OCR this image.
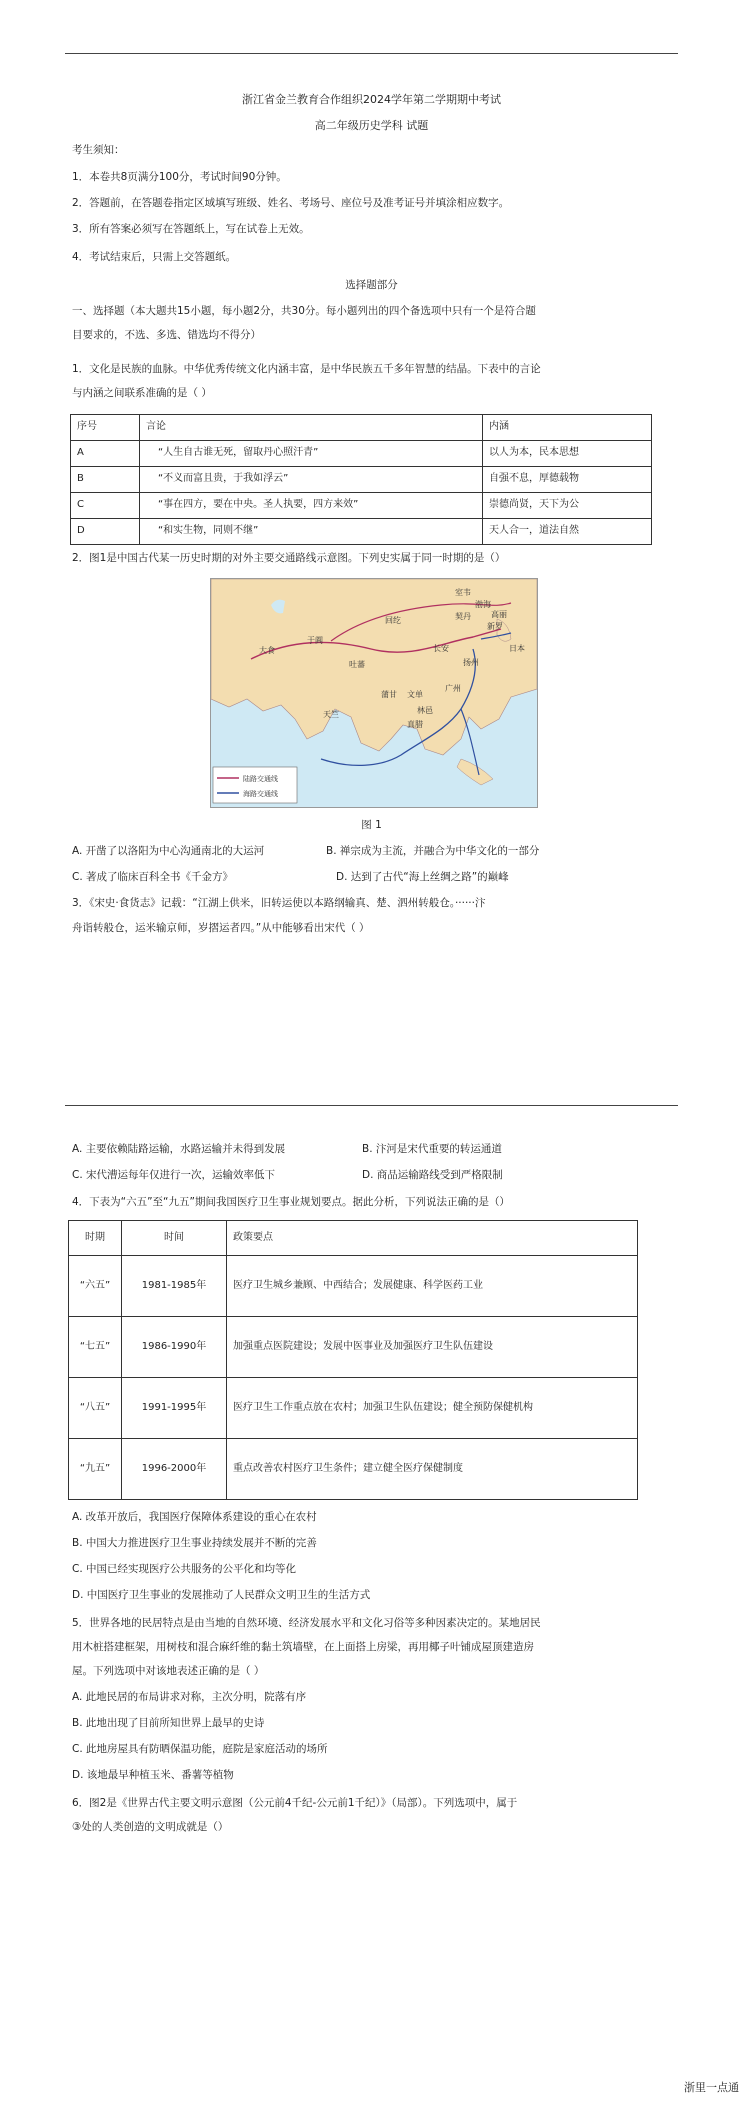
浙江省金兰教育合作组织2024学年第二学期期中考试
高二年级历史学科 试题
考生须知：
1．本卷共8页满分100分，考试时间90分钟。
2．答题前，在答题卷指定区域填写班级、姓名、考场号、座位号及准考证号并填涂相应数字。
3．所有答案必须写在答题纸上，写在试卷上无效。
4．考试结束后，只需上交答题纸。
选择题部分
一、选择题（本大题共15小题，每小题2分，共30分。每小题列出的四个备选项中只有一个是符合题
目要求的，不选、多选、错选均不得分）
1．文化是民族的血脉。中华优秀传统文化内涵丰富，是中华民族五千多年智慧的结晶。下表中的言论
与内涵之间联系准确的是（ ）
序号	言论	内涵
A	“人生自古谁无死，留取丹心照汗青”	以人为本，民本思想
B	“不义而富且贵，于我如浮云”	自强不息，厚德载物
C	“事在四方，要在中央。圣人执要，四方来效”	崇德尚贤，天下为公
D	“和实生物，同则不继”	天人合一，道法自然
2．图1是中国古代某一历史时期的对外主要交通路线示意图。下列史实属于同一时期的是（）
大食
天竺
吐蕃
长安
扬州
广州
日本
新罗
高丽
室韦
契丹
回纥
于阗
林邑
文单
渤海
蒲甘
真腊
陆路交通线
海路交通线
图 1
A. 开凿了以洛阳为中心沟通南北的大运河	B. 禅宗成为主流，并融合为中华文化的一部分
C. 著成了临床百科全书《千金方》	D. 达到了古代“海上丝绸之路”的巅峰
3．《宋史·食货志》记载：“江湖上供米，旧转运使以本路纲输真、楚、泗州转般仓。······汴
舟诣转般仓，运米输京师，岁摺运者四。”从中能够看出宋代（ ）
A. 主要依赖陆路运输，水路运输并未得到发展	B. 汴河是宋代重要的转运通道
C. 宋代漕运每年仅进行一次，运输效率低下	D. 商品运输路线受到严格限制
4．下表为“六五”至“九五”期间我国医疗卫生事业规划要点。据此分析，下列说法正确的是（）
时期	时间	政策要点
“六五”	1981-1985年	医疗卫生城乡兼顾、中西结合；发展健康、科学医药工业
“七五”	1986-1990年	加强重点医院建设；发展中医事业及加强医疗卫生队伍建设
“八五”	1991-1995年	医疗卫生工作重点放在农村；加强卫生队伍建设；健全预防保健机构
“九五”	1996-2000年	重点改善农村医疗卫生条件；建立健全医疗保健制度
A. 改革开放后，我国医疗保障体系建设的重心在农村
B. 中国大力推进医疗卫生事业持续发展并不断的完善
C. 中国已经实现医疗公共服务的公平化和均等化
D. 中国医疗卫生事业的发展推动了人民群众文明卫生的生活方式
5．世界各地的民居特点是由当地的自然环境、经济发展水平和文化习俗等多种因素决定的。某地居民
用木桩搭建框架，用树枝和混合麻纤维的黏土筑墙壁，在上面搭上房梁，再用椰子叶铺成屋顶建造房
屋。下列选项中对该地表述正确的是（ ）
A. 此地民居的布局讲求对称，主次分明，院落有序
B. 此地出现了目前所知世界上最早的史诗
C. 此地房屋具有防晒保温功能，庭院是家庭活动的场所
D. 该地最早种植玉米、番薯等植物
6．图2是《世界古代主要文明示意图（公元前4千纪-公元前1千纪）》（局部）。下列选项中，属于
③处的人类创造的文明成就是（）
浙里一点通
